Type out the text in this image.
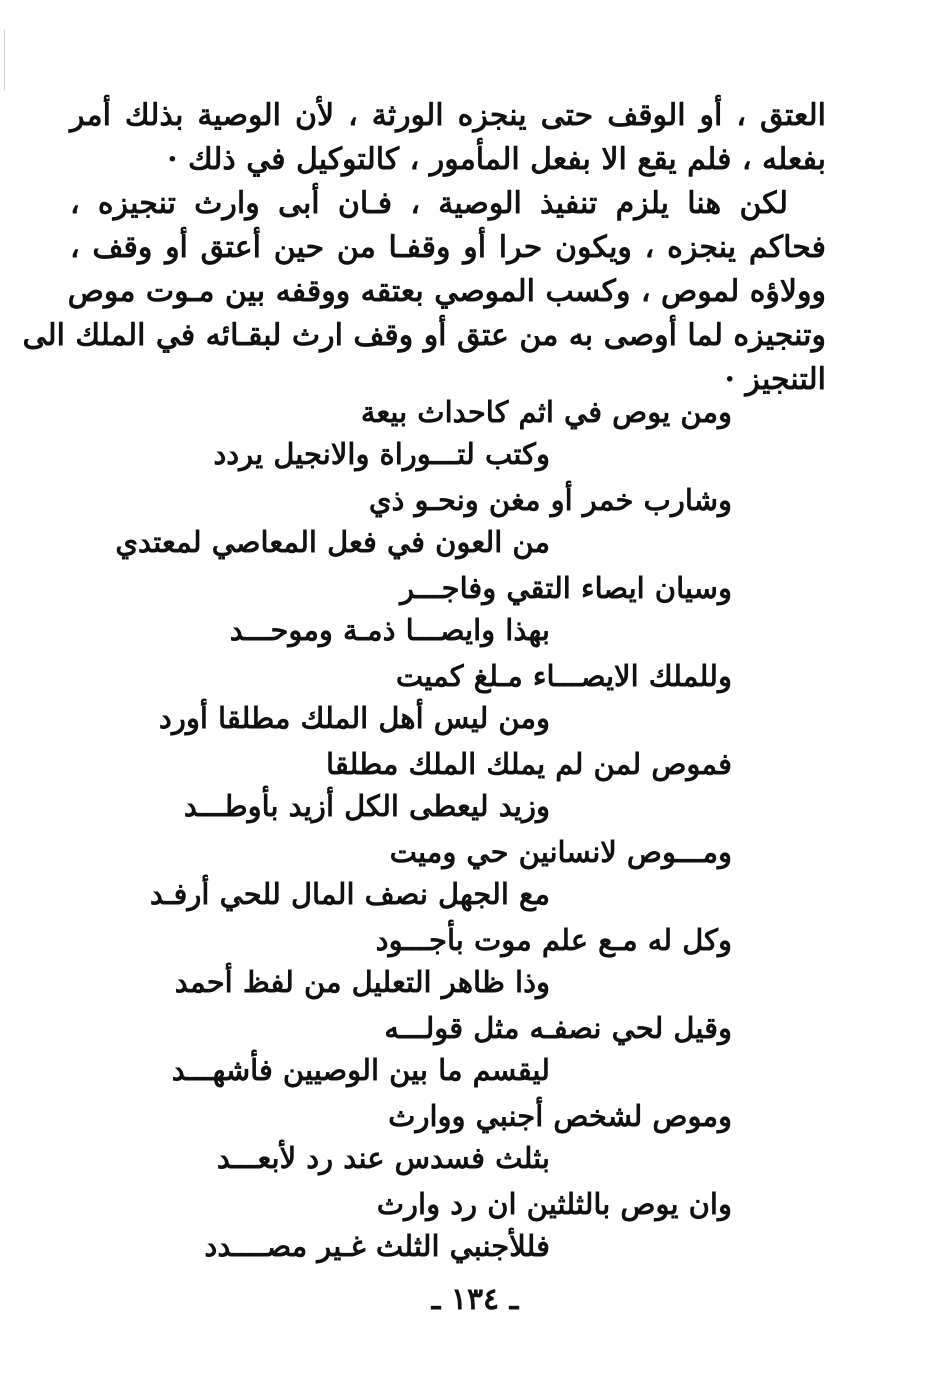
العتق ، أو الوقف حتى ينجزه الورثة ، لأن الوصية بذلك أمر
بفعله ، فلم يقع الا بفعل المأمور ، كالتوكيل في ذلك ·
لكن هنا يلزم تنفيذ الوصية ، فـان أبى وارث تنجيزه ،
فحاكم ينجزه ، ويكون حرا أو وقفـا من حين أعتق أو وقف ،
وولاؤه لموص ، وكسب الموصي بعتقه ووقفه بين مـوت موص
وتنجيزه لما أوصى به من عتق أو وقف ارث لبقـائه في الملك الى
التنجيز ·
ومن يوص في اثم كاحداث بيعة
وكتب لتـــوراة والانجيل يردد
وشارب خمر أو مغن ونحـو ذي
من العون في فعل المعاصي لمعتدي
وسيان ايصاء التقي وفاجـــر
بهذا وايصـــا ذمـة وموحـــد
وللملك الايصـــاء مـلغ كميت
ومن ليس أهل الملك مطلقا أورد
فموص لمن لم يملك الملك مطلقا
وزيد ليعطى الكل أزيد بأوطـــد
ومـــوص لانسانين حي وميت
مع الجهل نصف المال للحي أرفـد
وكل له مـع علم موت بأجـــود
وذا ظاهر التعليل من لفظ أحمد
وقيل لحي نصفـه مثل قولـــه
ليقسم ما بين الوصيين فأشهـــد
وموص لشخص أجنبي ووارث
بثلث فسدس عند رد لأبعـــد
وان يوص بالثلثين ان رد وارث
فللأجنبي الثلث غـير مصــــدد
ـ ١٣٤ ـ
